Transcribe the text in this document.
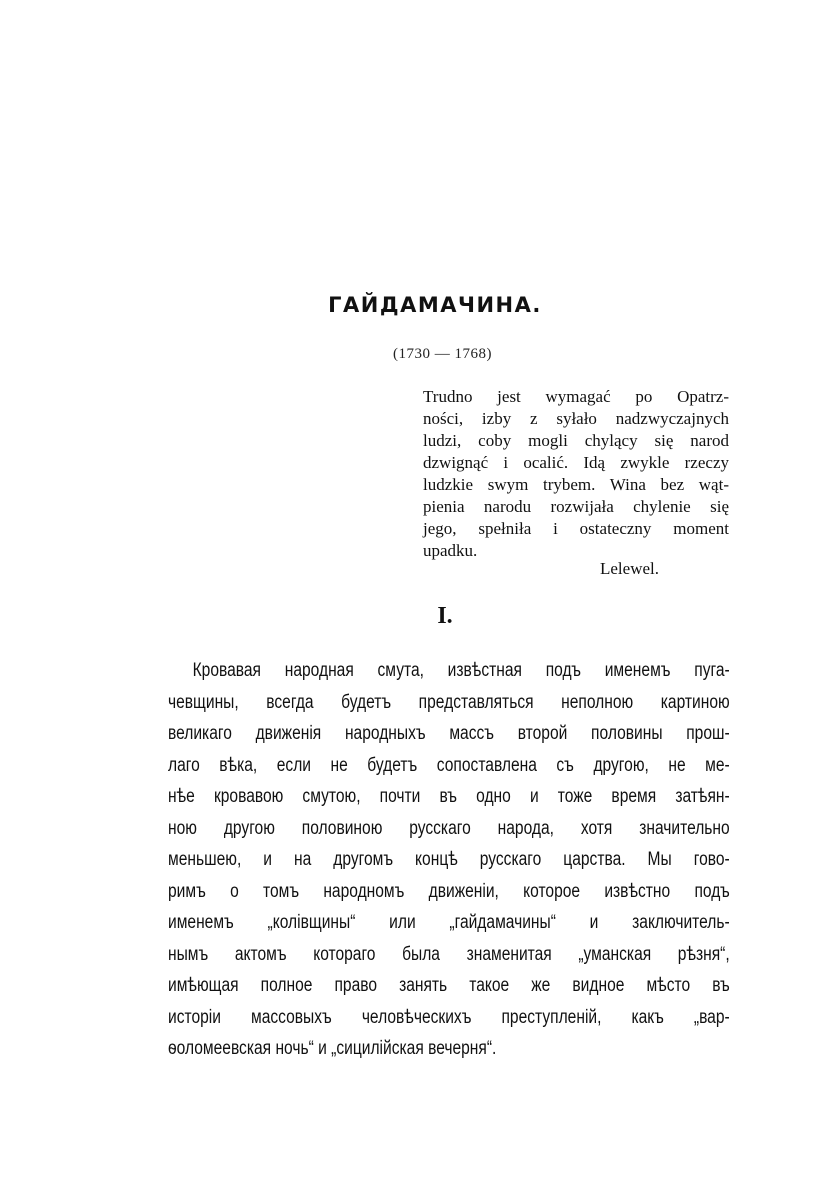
ГАЙДАМАЧИНА.
(1730 — 1768)
Trudno jest wymagać po Opatrz-
ności, izby z syłało nadzwyczajnych
ludzi, coby mogli chylący się narod
dzwignąć i ocalić. Idą zwykle rzeczy
ludzkie swym trybem. Wina bez wąt-
pienia narodu rozwijała chylenie się
jego, spełniła i ostateczny moment
upadku.
Lelewel.
I.
Кровавая народная смута, извѣстная подъ именемъ пуга-
чевщины, всегда будетъ представляться неполною картиною
великаго движенія народныхъ массъ второй половины прош-
лаго вѣка, если не будетъ сопоставлена съ другою, не ме-
нѣе кровавою смутою, почти въ одно и тоже время затѣян-
ною другою половиною русскаго народа, хотя значительно
меньшею, и на другомъ концѣ русскаго царства. Мы гово-
римъ о томъ народномъ движеніи, которое извѣстно подъ
именемъ „колівщины“ или „гайдамачины“ и заключитель-
нымъ актомъ котораго была знаменитая „уманская рѣзня“,
имѣющая полное право занять такое же видное мѣсто въ
исторіи массовыхъ человѣческихъ преступленій, какъ „вар-
ѳоломеевская ночь“ и „сицилійская вечерня“.
